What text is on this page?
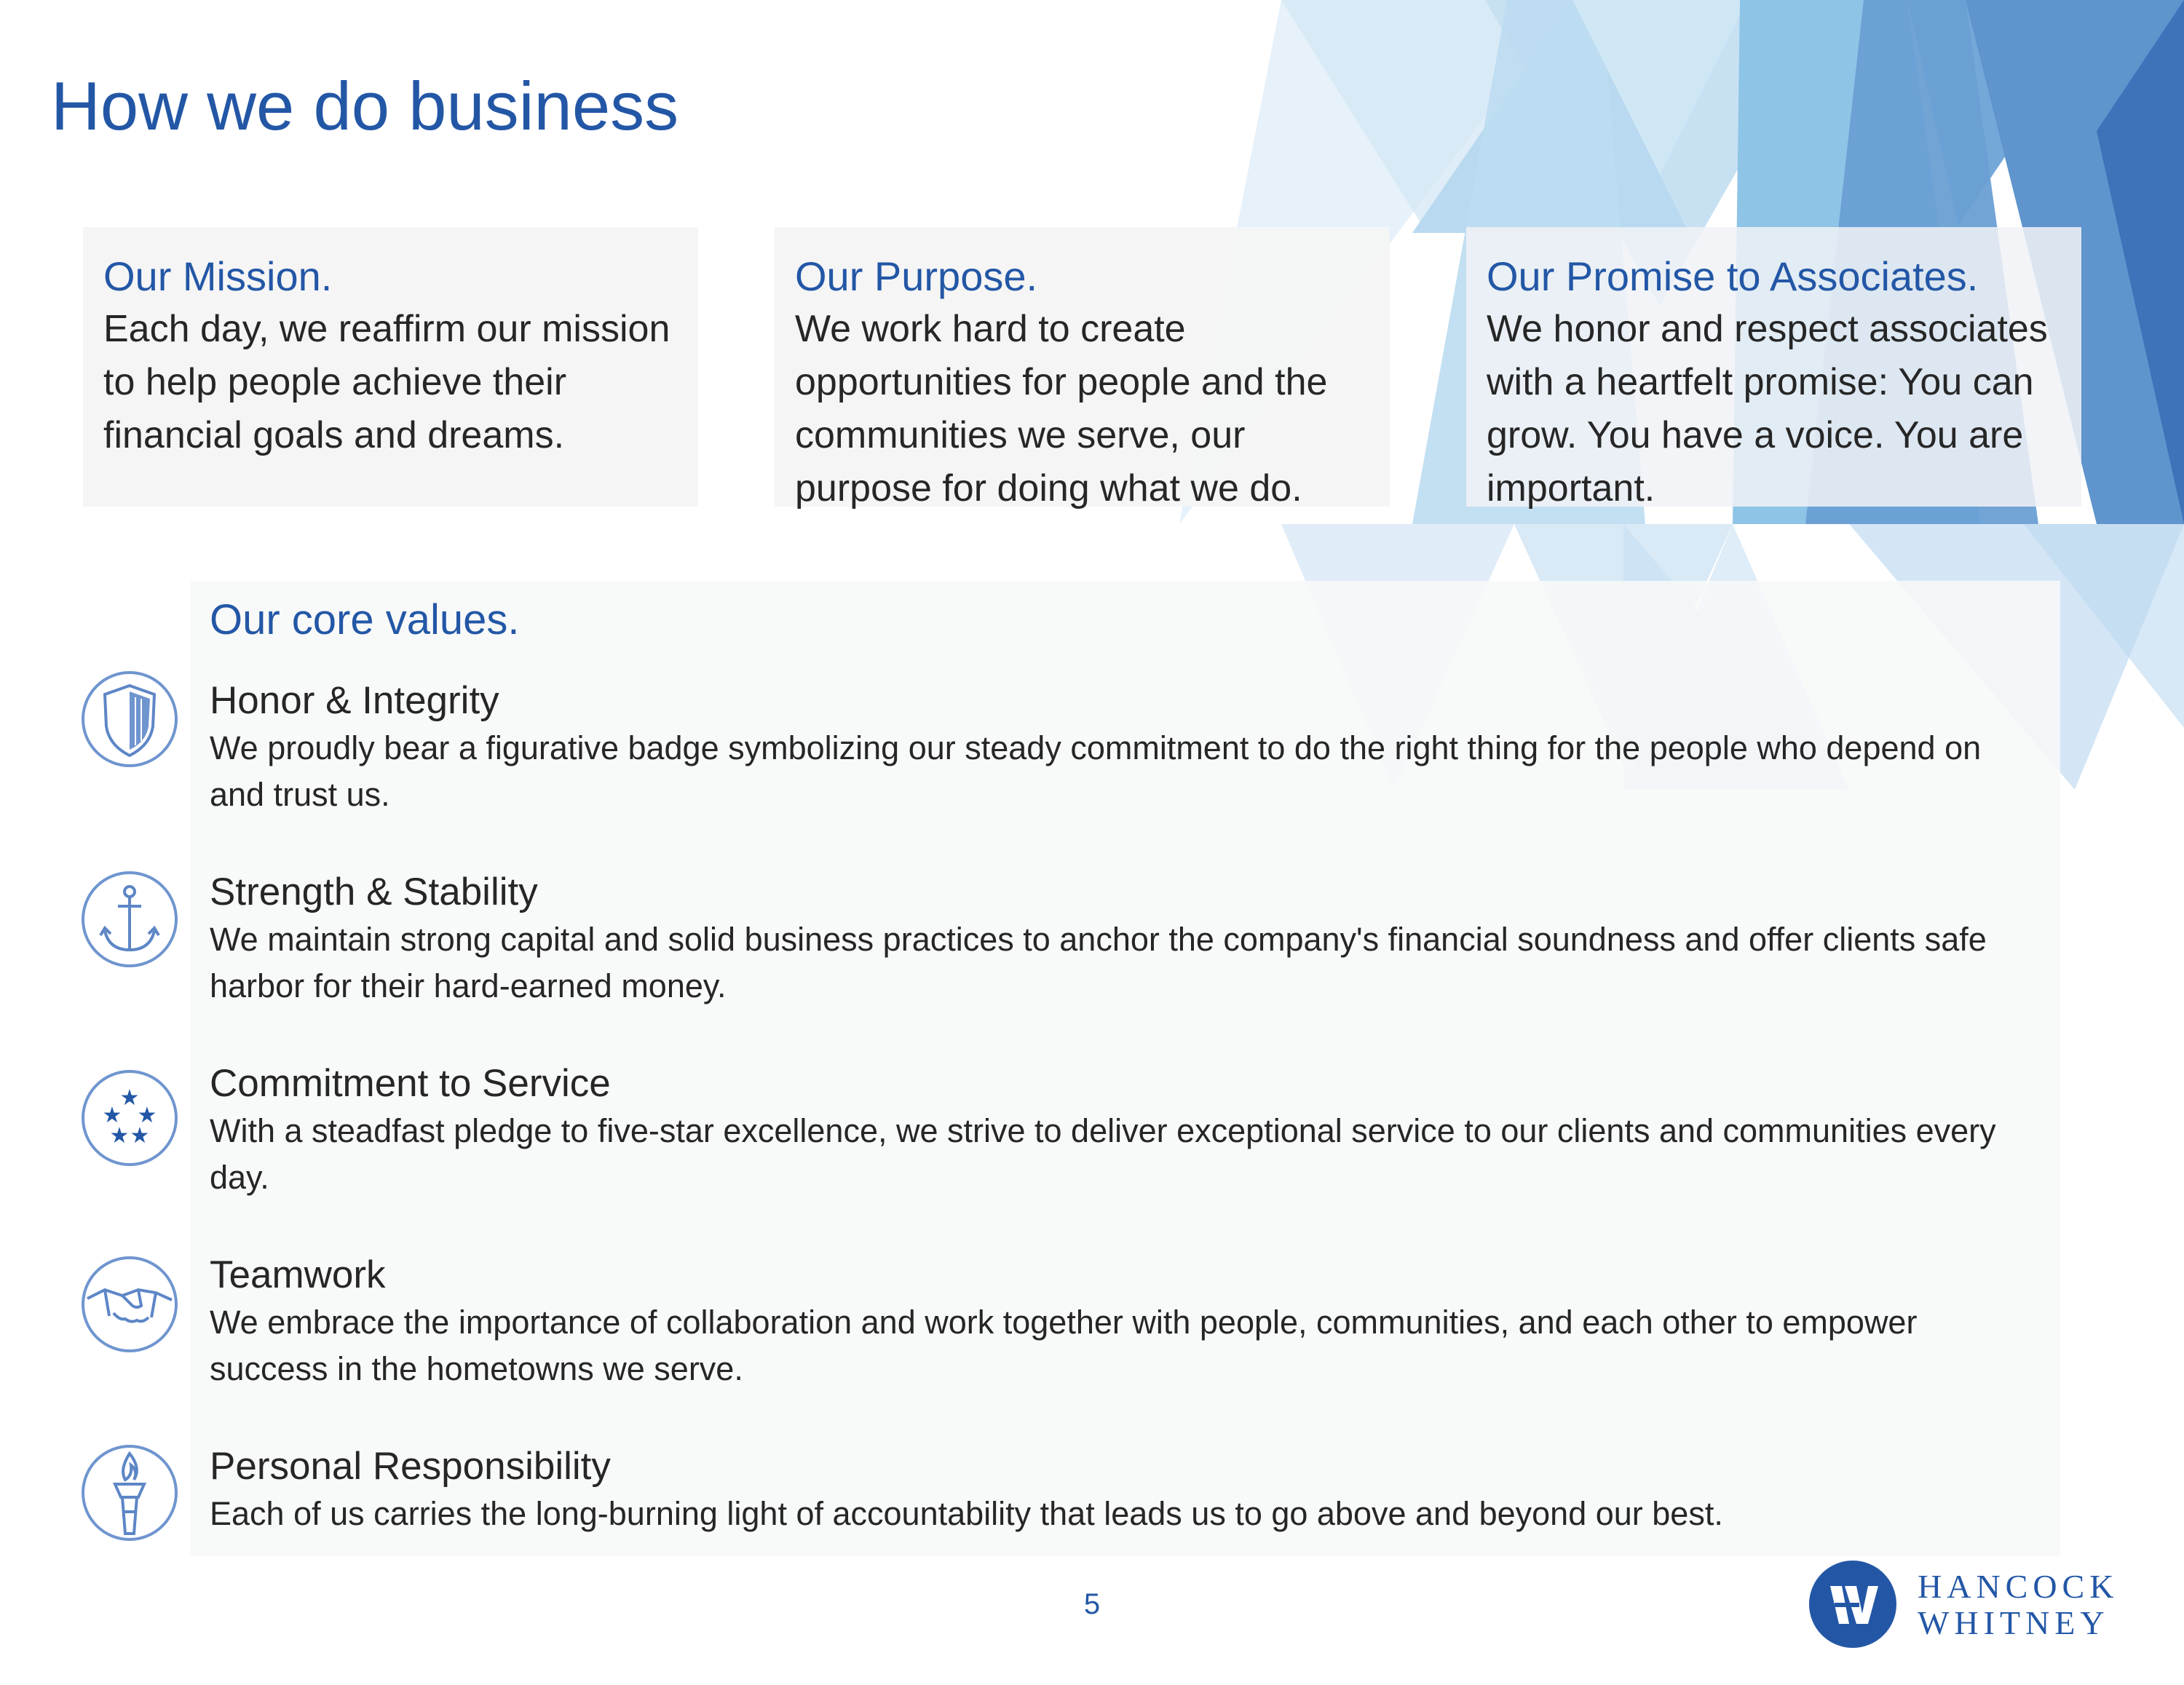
How we do business

Our Mission.

Each day, we reaffirm our mission to help people achieve their financial goals and dreams.

Our Purpose.

We work hard to create opportunities for people and the communities we serve, our purpose for doing what we do.

Our Promise to Associates.

We honor and respect associates with a heartfelt promise: You can grow. You have a voice. You are important.

Our core values.
Honor & Integrity
We proudly bear a figurative badge symbolizing our steady commitment to do the right thing for the people who depend on and trust us.
Strength & Stability
We maintain strong capital and solid business practices to anchor the company's financial soundness and offer clients safe harbor for their hard-earned money.
★
★ ★
★ ★
Commitment to Service
With a steadfast pledge to five-star excellence, we strive to deliver exceptional service to our clients and communities every day.
Teamwork
We embrace the importance of collaboration and work together with people, communities, and each other to empower success in the hometowns we serve.
Personal Responsibility
Each of us carries the long-burning light of accountability that leads us to go above and beyond our best.
5	HANCOCK
WHITNEY
